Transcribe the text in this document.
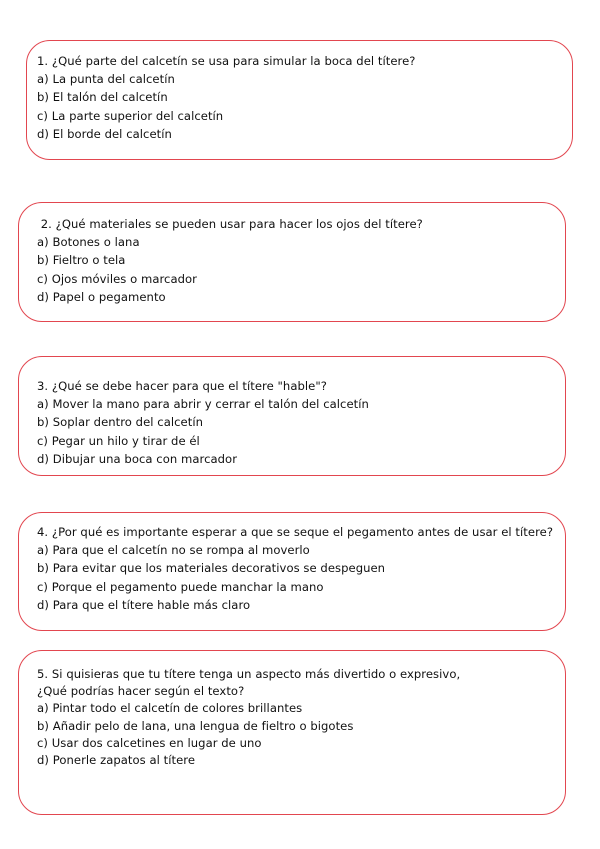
1. ¿Qué parte del calcetín se usa para simular la boca del títere?
a) La punta del calcetín
b) El talón del calcetín
c) La parte superior del calcetín
d) El borde del calcetín
2. ¿Qué materiales se pueden usar para hacer los ojos del títere?
a) Botones o lana
b) Fieltro o tela
c) Ojos móviles o marcador
d) Papel o pegamento
3. ¿Qué se debe hacer para que el títere "hable"?
a) Mover la mano para abrir y cerrar el talón del calcetín
b) Soplar dentro del calcetín
c) Pegar un hilo y tirar de él
d) Dibujar una boca con marcador
4. ¿Por qué es importante esperar a que se seque el pegamento antes de usar el títere?
a) Para que el calcetín no se rompa al moverlo
b) Para evitar que los materiales decorativos se despeguen
c) Porque el pegamento puede manchar la mano
d) Para que el títere hable más claro
5. Si quisieras que tu títere tenga un aspecto más divertido o expresivo,
¿Qué podrías hacer según el texto?
a) Pintar todo el calcetín de colores brillantes
b) Añadir pelo de lana, una lengua de fieltro o bigotes
c) Usar dos calcetines en lugar de uno
d) Ponerle zapatos al títere
